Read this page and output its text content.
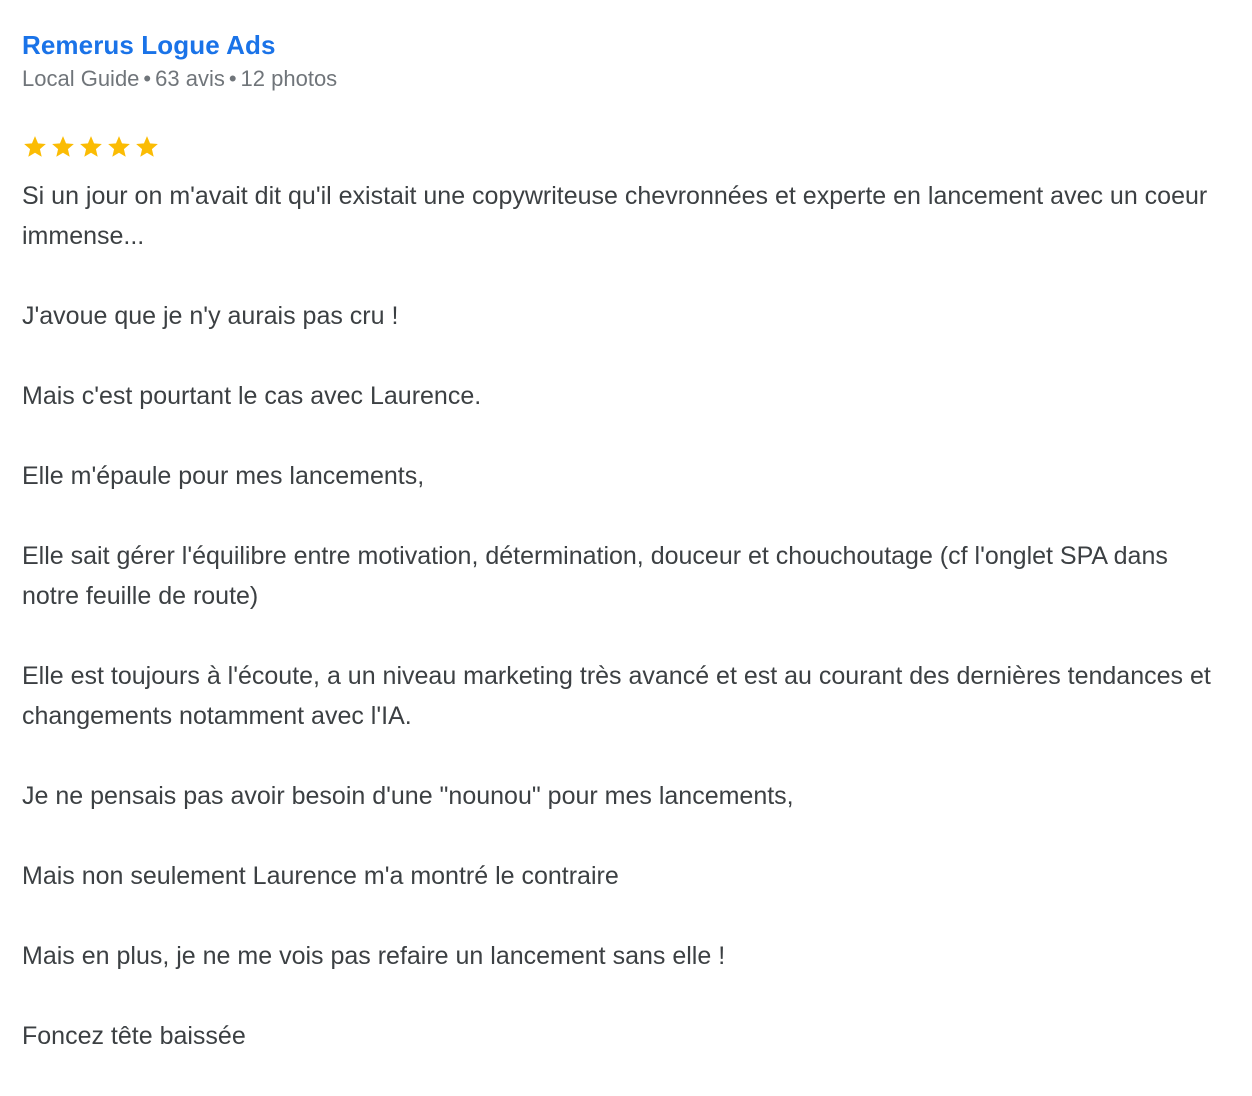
Remerus Logue Ads
Local Guide • 63 avis • 12 photos

Si un jour on m'avait dit qu'il existait une copywriteuse chevronnées et experte en lancement avec un coeur immense...

J'avoue que je n'y aurais pas cru !

Mais c'est pourtant le cas avec Laurence.

Elle m'épaule pour mes lancements,

Elle sait gérer l'équilibre entre motivation, détermination, douceur et chouchoutage (cf l'onglet SPA dans notre feuille de route)

Elle est toujours à l'écoute, a un niveau marketing très avancé et est au courant des dernières tendances et changements notamment avec l'IA.

Je ne pensais pas avoir besoin d'une "nounou" pour mes lancements,

Mais non seulement Laurence m'a montré le contraire

Mais en plus, je ne me vois pas refaire un lancement sans elle !

Foncez tête baissée
